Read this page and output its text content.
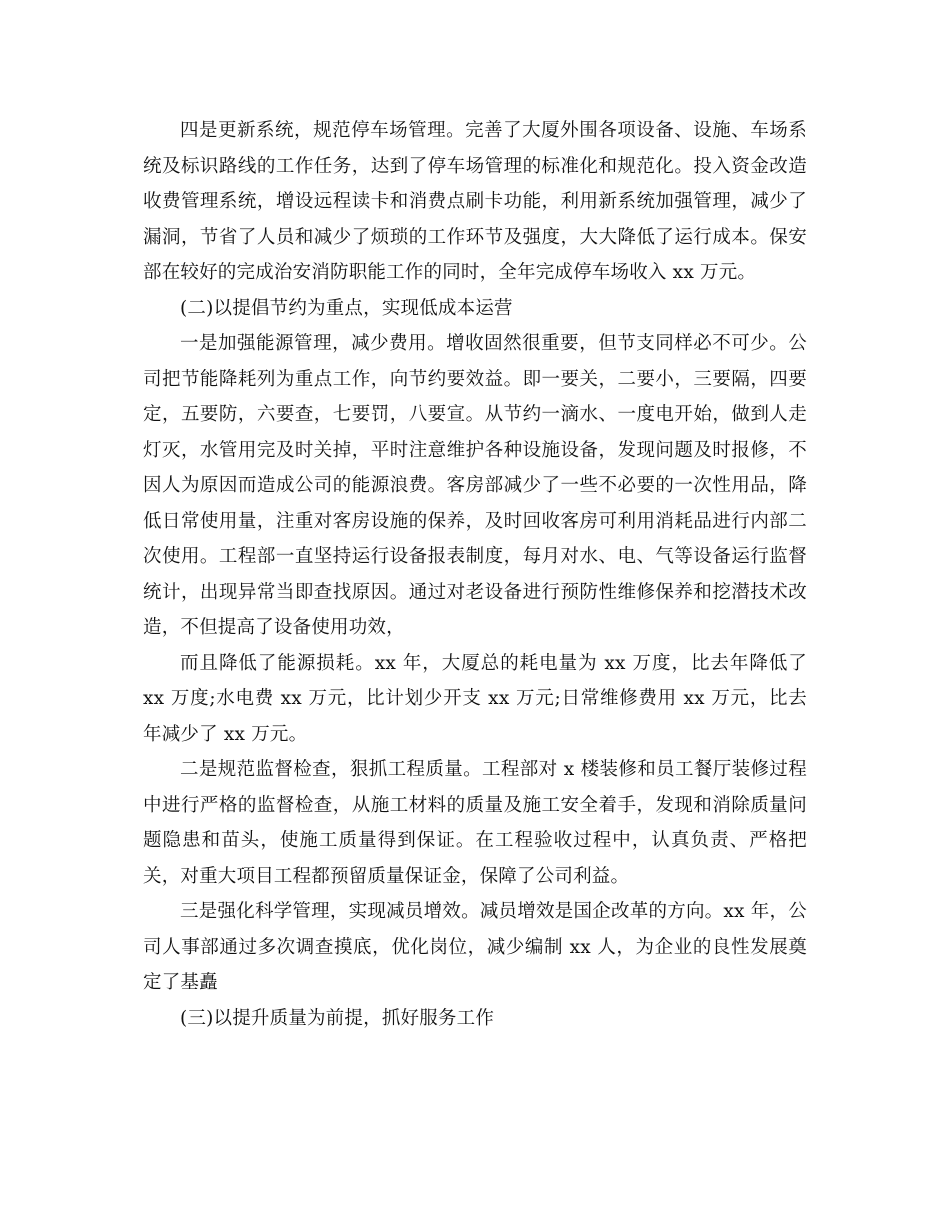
四是更新系统，规范停车场管理。完善了大厦外围各项设备、设施、车场系统及标识路线的工作任务，达到了停车场管理的标准化和规范化。投入资金改造收费管理系统，增设远程读卡和消费点刷卡功能，利用新系统加强管理，减少了漏洞，节省了人员和减少了烦琐的工作环节及强度，大大降低了运行成本。保安部在较好的完成治安消防职能工作的同时，全年完成停车场收入 xx 万元。

(二)以提倡节约为重点，实现低成本运营

一是加强能源管理，减少费用。增收固然很重要，但节支同样必不可少。公司把节能降耗列为重点工作，向节约要效益。即一要关，二要小，三要隔，四要定，五要防，六要查，七要罚，八要宣。从节约一滴水、一度电开始，做到人走灯灭，水管用完及时关掉，平时注意维护各种设施设备，发现问题及时报修，不因人为原因而造成公司的能源浪费。客房部减少了一些不必要的一次性用品，降低日常使用量，注重对客房设施的保养，及时回收客房可利用消耗品进行内部二次使用。工程部一直坚持运行设备报表制度，每月对水、电、气等设备运行监督统计，出现异常当即查找原因。通过对老设备进行预防性维修保养和挖潜技术改造，不但提高了设备使用功效，

而且降低了能源损耗。xx 年，大厦总的耗电量为 xx 万度，比去年降低了 xx 万度;水电费 xx 万元，比计划少开支 xx 万元;日常维修费用 xx 万元，比去年减少了 xx 万元。

二是规范监督检查，狠抓工程质量。工程部对 x 楼装修和员工餐厅装修过程中进行严格的监督检查，从施工材料的质量及施工安全着手，发现和消除质量问题隐患和苗头，使施工质量得到保证。在工程验收过程中，认真负责、严格把关，对重大项目工程都预留质量保证金，保障了公司利益。

三是强化科学管理，实现减员增效。减员增效是国企改革的方向。xx 年，公司人事部通过多次调查摸底，优化岗位，减少编制 xx 人，为企业的良性发展奠定了基矗

(三)以提升质量为前提，抓好服务工作
